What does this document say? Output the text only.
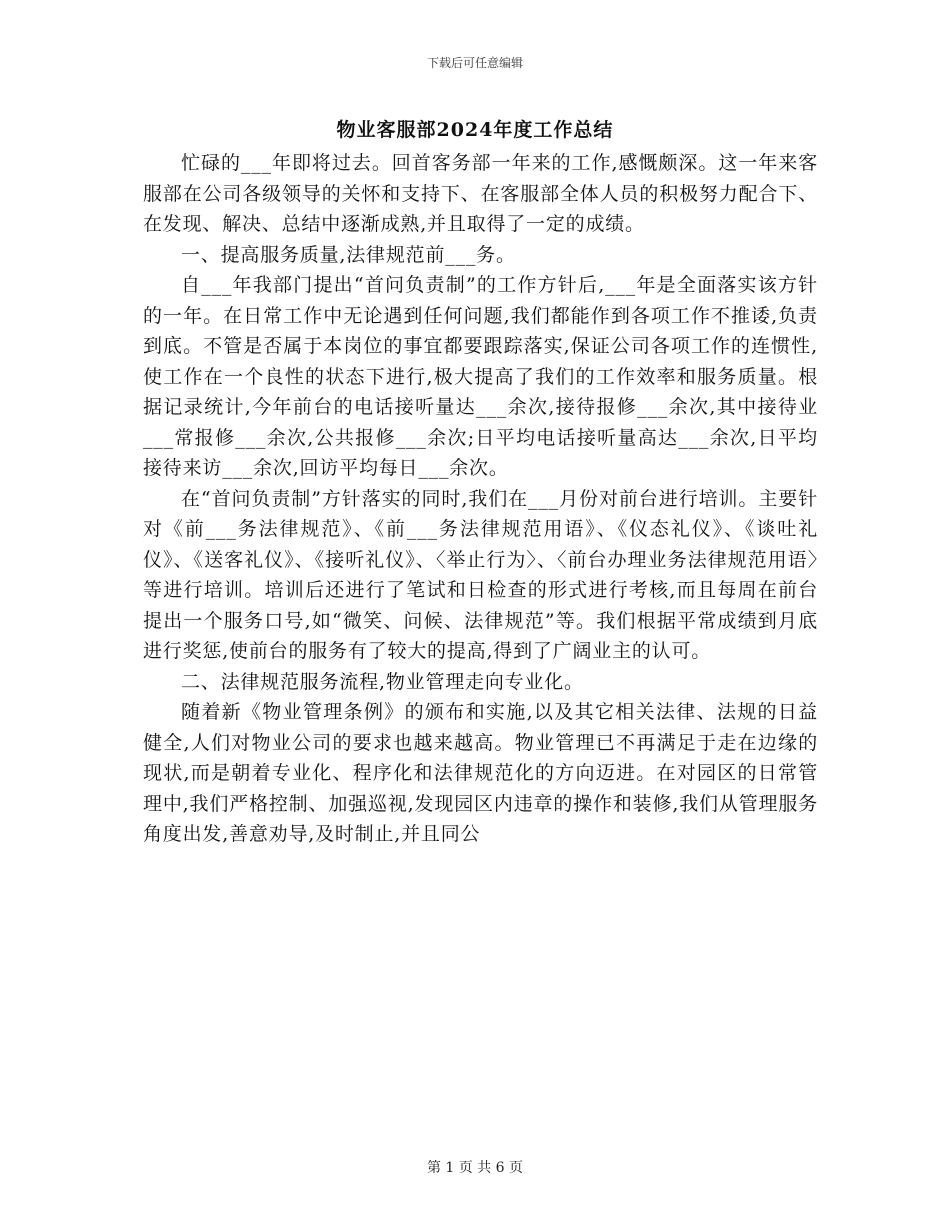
下载后可任意编辑
物业客服部2024年度工作总结

忙碌的___年即将过去。回首客务部一年来的工作,感慨颇深。这一年来客服部在公司各级领导的关怀和支持下、在客服部全体人员的积极努力配合下、在发现、解决、总结中逐渐成熟,并且取得了一定的成绩。

一、提高服务质量,法律规范前___务。

自___年我部门提出“首问负责制”的工作方针后,___年是全面落实该方针的一年。在日常工作中无论遇到任何问题,我们都能作到各项工作不推诿,负责到底。不管是否属于本岗位的事宜都要跟踪落实,保证公司各项工作的连惯性,使工作在一个良性的状态下进行,极大提高了我们的工作效率和服务质量。根据记录统计,今年前台的电话接听量达___余次,接待报修___余次,其中接待业___常报修___余次,公共报修___余次;日平均电话接听量高达___余次,日平均接待来访___余次,回访平均每日___余次。

在“首问负责制”方针落实的同时,我们在___月份对前台进行培训。主要针对《前___务法律规范》、《前___务法律规范用语》、《仪态礼仪》、《谈吐礼仪》、《送客礼仪》、《接听礼仪》、〈举止行为〉、〈前台办理业务法律规范用语〉等进行培训。培训后还进行了笔试和日检查的形式进行考核,而且每周在前台提出一个服务口号,如“微笑、问候、法律规范”等。我们根据平常成绩到月底进行奖惩,使前台的服务有了较大的提高,得到了广阔业主的认可。

二、法律规范服务流程,物业管理走向专业化。

随着新《物业管理条例》的颁布和实施,以及其它相关法律、法规的日益健全,人们对物业公司的要求也越来越高。物业管理已不再满足于走在边缘的现状,而是朝着专业化、程序化和法律规范化的方向迈进。在对园区的日常管理中,我们严格控制、加强巡视,发现园区内违章的操作和装修,我们从管理服务角度出发,善意劝导,及时制止,并且同公

第 1 页 共 6 页
